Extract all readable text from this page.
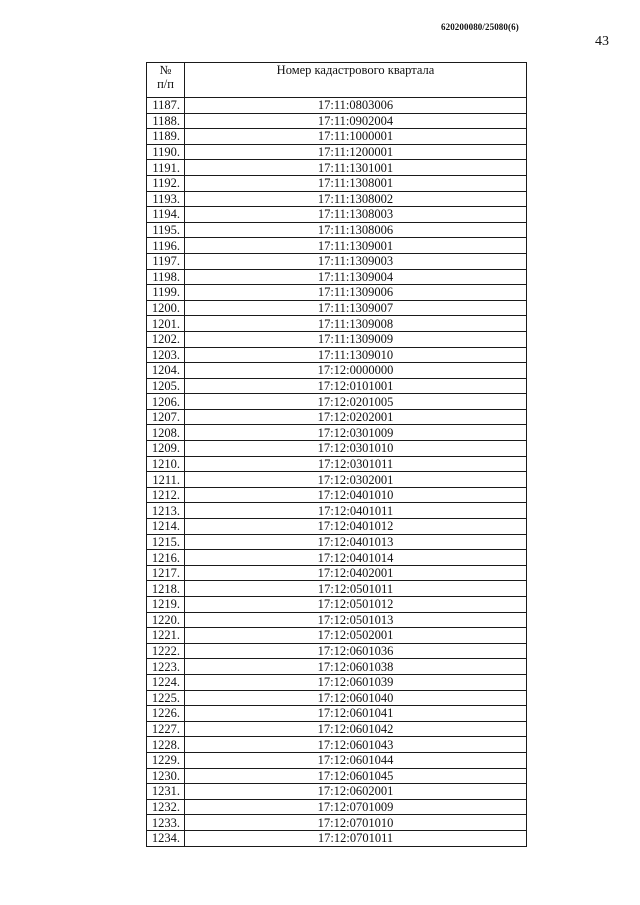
620200080/25080(6)
43
№
п/п	Номер кадастрового квартала
1187.	17:11:0803006
1188.	17:11:0902004
1189.	17:11:1000001
1190.	17:11:1200001
1191.	17:11:1301001
1192.	17:11:1308001
1193.	17:11:1308002
1194.	17:11:1308003
1195.	17:11:1308006
1196.	17:11:1309001
1197.	17:11:1309003
1198.	17:11:1309004
1199.	17:11:1309006
1200.	17:11:1309007
1201.	17:11:1309008
1202.	17:11:1309009
1203.	17:11:1309010
1204.	17:12:0000000
1205.	17:12:0101001
1206.	17:12:0201005
1207.	17:12:0202001
1208.	17:12:0301009
1209.	17:12:0301010
1210.	17:12:0301011
1211.	17:12:0302001
1212.	17:12:0401010
1213.	17:12:0401011
1214.	17:12:0401012
1215.	17:12:0401013
1216.	17:12:0401014
1217.	17:12:0402001
1218.	17:12:0501011
1219.	17:12:0501012
1220.	17:12:0501013
1221.	17:12:0502001
1222.	17:12:0601036
1223.	17:12:0601038
1224.	17:12:0601039
1225.	17:12:0601040
1226.	17:12:0601041
1227.	17:12:0601042
1228.	17:12:0601043
1229.	17:12:0601044
1230.	17:12:0601045
1231.	17:12:0602001
1232.	17:12:0701009
1233.	17:12:0701010
1234.	17:12:0701011
